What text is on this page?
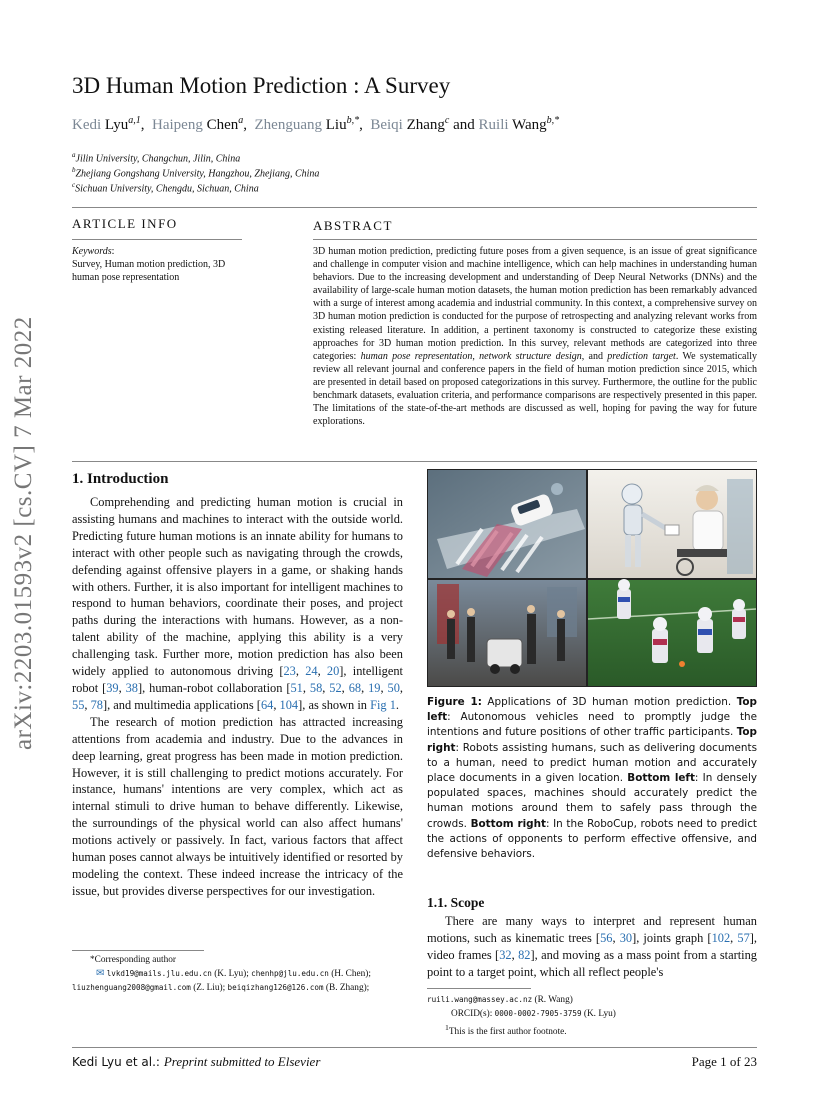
arXiv:2203.01593v2 [cs.CV] 7 Mar 2022
3D Human Motion Prediction : A Survey
Kedi Lyu$^{a,1}$,  Haipeng Chen$^a$,  Zhenguang Liu$^{b,*}$,  Beiqi Zhang$^c$ and Ruili Wang$^{b,*}$
$^a$Jilin University, Changchun, Jilin, China
$^b$Zhejiang Gongshang University, Hangzhou, Zhejiang, China
$^c$Sichuan University, Chengdu, Sichuan, China
ARTICLE INFO
Keywords:
Survey, Human motion prediction, 3D human pose representation
ABSTRACT
3D human motion prediction, predicting future poses from a given sequence, is an issue of great significance and challenge in computer vision and machine intelligence, which can help machines in understanding human behaviors. Due to the increasing development and understanding of Deep Neural Networks (DNNs) and the availability of large-scale human motion datasets, the human motion prediction has been remarkably advanced with a surge of interest among academia and industrial community. In this context, a comprehensive survey on 3D human motion prediction is conducted for the purpose of retrospecting and analyzing relevant works from existing released literature. In addition, a pertinent taxonomy is constructed to categorize these existing approaches for 3D human motion prediction. In this survey, relevant methods are categorized into three categories: human pose representation, network structure design, and prediction target. We systematically review all relevant journal and conference papers in the field of human motion prediction since 2015, which are presented in detail based on proposed categorizations in this survey. Furthermore, the outline for the public benchmark datasets, evaluation criteria, and performance comparisons are respectively presented in this paper. The limitations of the state-of-the-art methods are discussed as well, hoping for paving the way for future explorations.
1. Introduction

Comprehending and predicting human motion is crucial in assisting humans and machines to interact with the outside world. Predicting future human motions is an innate ability for humans to interact with other people such as navigating through the crowds, defending against offensive players in a game, or shaking hands with others. Further, it is also important for intelligent machines to respond to human behaviors, coordinate their poses, and project paths during the interactions with humans. However, as a non-talent ability of the machine, applying this ability is a very challenging task. Further more, motion prediction has also been widely applied to autonomous driving [23, 24, 20], intelligent robot [39, 38], human-robot collaboration [51, 58, 52, 68, 19, 50, 55, 78], and multimedia applications [64, 104], as shown in Fig 1.

The research of motion prediction has attracted increasing attentions from academia and industry. Due to the advances in deep learning, great progress has been made in motion prediction. However, it is still challenging to predict motions accurately. For instance, humans' intentions are very complex, which act as internal stimuli to drive human to behave differently. Likewise, the surroundings of the physical world can also affect humans' motions actively or passively. In fact, various factors that affect human poses cannot always be intuitively identified or resorted by modeling the context. These indeed increase the intricacy of the issue, but provides diverse perspectives for our investigation.

*Corresponding author
✉ lvkd19@mails.jlu.edu.cn (K. Lyu); chenhp@jlu.edu.cn (H. Chen);
liuzhenguang2008@gmail.com (Z. Liu); beiqizhang126@126.com (B. Zhang);
Figure 1: Applications of 3D human motion prediction. Top left: Autonomous vehicles need to promptly judge the intentions and future positions of other traffic participants. Top right: Robots assisting humans, such as delivering documents to a human, need to predict human motion and accurately place documents in a given location. Bottom left: In densely populated spaces, machines should accurately predict the human motions around them to safely pass through the crowds. Bottom right: In the RoboCup, robots need to predict the actions of opponents to perform effective offensive, and defensive behaviors.
1.1. Scope

There are many ways to interpret and represent human motions, such as kinematic trees [56, 30], joints graph [102, 57], video frames [32, 82], and moving as a mass point from a starting point to a target point, which all reflect people's

ruili.wang@massey.ac.nz (R. Wang)
ORCID(s): 0000-0002-7905-3759 (K. Lyu)
$^1$This is the first author footnote.
Kedi Lyu et al.: Preprint submitted to Elsevier	Page 1 of 23
